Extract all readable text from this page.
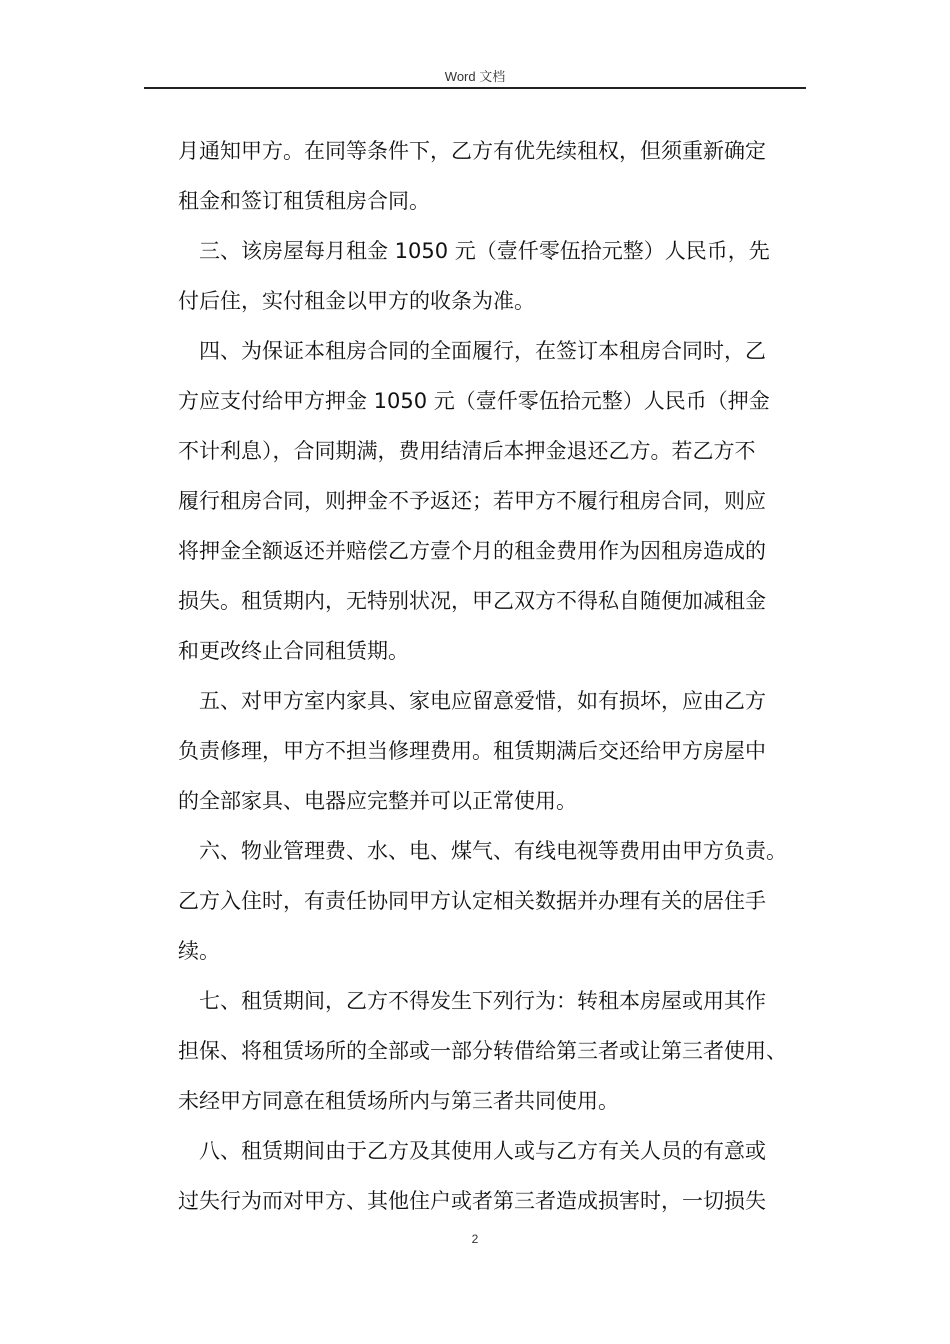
Word 文档
月通知甲方。在同等条件下，乙方有优先续租权，但须重新确定
租金和签订租赁租房合同。
三、该房屋每月租金 1050 元（壹仟零伍拾元整）人民币，先
付后住，实付租金以甲方的收条为准。
四、为保证本租房合同的全面履行，在签订本租房合同时，乙
方应支付给甲方押金 1050 元（壹仟零伍拾元整）人民币（押金
不计利息），合同期满，费用结清后本押金退还乙方。若乙方不
履行租房合同，则押金不予返还；若甲方不履行租房合同，则应
将押金全额返还并赔偿乙方壹个月的租金费用作为因租房造成的
损失。租赁期内，无特别状况，甲乙双方不得私自随便加减租金
和更改终止合同租赁期。
五、对甲方室内家具、家电应留意爱惜，如有损坏，应由乙方
负责修理，甲方不担当修理费用。租赁期满后交还给甲方房屋中
的全部家具、电器应完整并可以正常使用。
六、物业管理费、水、电、煤气、有线电视等费用由甲方负责。
乙方入住时，有责任协同甲方认定相关数据并办理有关的居住手
续。
七、租赁期间，乙方不得发生下列行为：转租本房屋或用其作
担保、将租赁场所的全部或一部分转借给第三者或让第三者使用、
未经甲方同意在租赁场所内与第三者共同使用。
八、租赁期间由于乙方及其使用人或与乙方有关人员的有意或
过失行为而对甲方、其他住户或者第三者造成损害时，一切损失
2
